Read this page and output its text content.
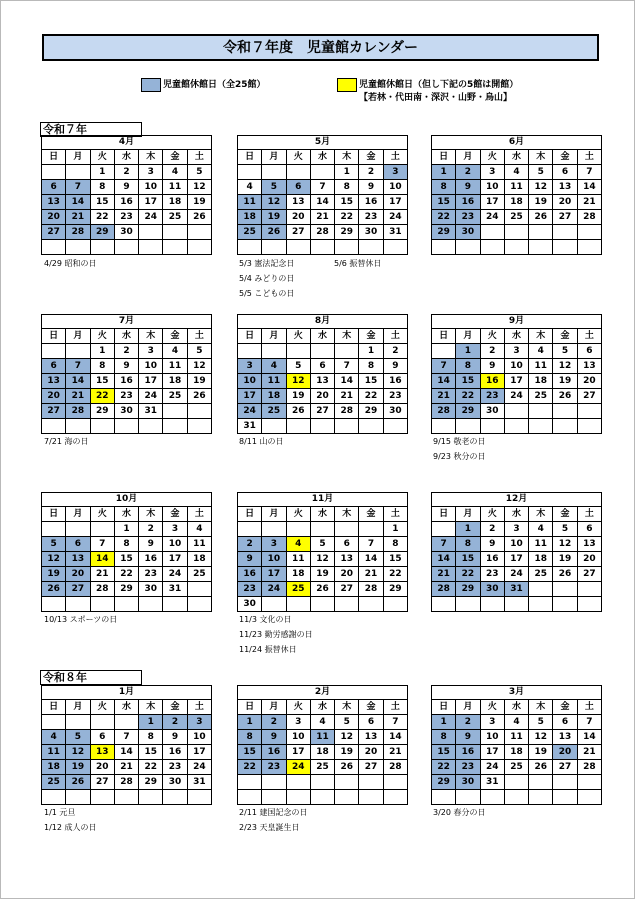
令和７年度　児童館カレンダー
児童館休館日（全25館）	児童館休館日（但し下記の5館は開館）
【若林・代田南・深沢・山野・烏山】
令和７年
令和８年
4月						
日	月	火	水	木	金	土
		1	2	3	4	5
6	7	8	9	10	11	12
13	14	15	16	17	18	19
20	21	22	23	24	25	26
27	28	29	30			

5月						
日	月	火	水	木	金	土
				1	2	3
4	5	6	7	8	9	10
11	12	13	14	15	16	17
18	19	20	21	22	23	24
25	26	27	28	29	30	31

6月						
日	月	火	水	木	金	土
1	2	3	4	5	6	7
8	9	10	11	12	13	14
15	16	17	18	19	20	21
22	23	24	25	26	27	28
29	30					

7月						
日	月	火	水	木	金	土
		1	2	3	4	5
6	7	8	9	10	11	12
13	14	15	16	17	18	19
20	21	22	23	24	25	26
27	28	29	30	31		

8月						
日	月	火	水	木	金	土
					1	2
3	4	5	6	7	8	9
10	11	12	13	14	15	16
17	18	19	20	21	22	23
24	25	26	27	28	29	30
31						
9月						
日	月	火	水	木	金	土
	1	2	3	4	5	6
7	8	9	10	11	12	13
14	15	16	17	18	19	20
21	22	23	24	25	26	27
28	29	30				

10月						
日	月	火	水	木	金	土
			1	2	3	4
5	6	7	8	9	10	11
12	13	14	15	16	17	18
19	20	21	22	23	24	25
26	27	28	29	30	31	

11月						
日	月	火	水	木	金	土
						1
2	3	4	5	6	7	8
9	10	11	12	13	14	15
16	17	18	19	20	21	22
23	24	25	26	27	28	29
30						
12月						
日	月	火	水	木	金	土
	1	2	3	4	5	6
7	8	9	10	11	12	13
14	15	16	17	18	19	20
21	22	23	24	25	26	27
28	29	30	31			

1月						
日	月	火	水	木	金	土
				1	2	3
4	5	6	7	8	9	10
11	12	13	14	15	16	17
18	19	20	21	22	23	24
25	26	27	28	29	30	31

2月						
日	月	火	水	木	金	土
1	2	3	4	5	6	7
8	9	10	11	12	13	14
15	16	17	18	19	20	21
22	23	24	25	26	27	28

3月						
日	月	火	水	木	金	土
1	2	3	4	5	6	7
8	9	10	11	12	13	14
15	16	17	18	19	20	21
22	23	24	25	26	27	28
29	30	31				

4/29 昭和の日	5/3 憲法記念日
5/4 みどりの日
5/5 こどもの日
5/6 振替休日
7/21 海の日	8/11 山の日	9/15 敬老の日
9/23 秋分の日
10/13 スポーツの日	11/3 文化の日
11/23 勤労感謝の日
11/24 振替休日
1/1 元旦
1/12 成人の日
2/11 建国記念の日
2/23 天皇誕生日
3/20 春分の日
